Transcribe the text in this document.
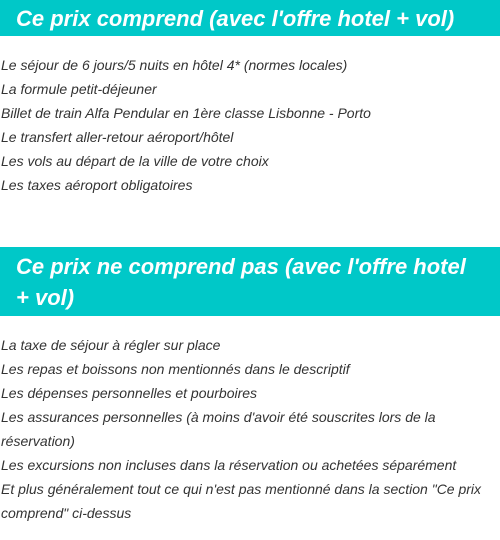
Ce prix comprend (avec l'offre hotel + vol)
Le séjour de 6 jours/5 nuits en hôtel 4* (normes locales)
La formule petit-déjeuner
Billet de train Alfa Pendular en 1ère classe Lisbonne - Porto
Le transfert aller-retour aéroport/hôtel
Les vols au départ de la ville de votre choix
Les taxes aéroport obligatoires
Ce prix ne comprend pas (avec l'offre hotel + vol)
La taxe de séjour à régler sur place
Les repas et boissons non mentionnés dans le descriptif
Les dépenses personnelles et pourboires
Les assurances personnelles (à moins d'avoir été souscrites lors de la réservation)
Les excursions non incluses dans la réservation ou achetées séparément
Et plus généralement tout ce qui n'est pas mentionné dans la section "Ce prix comprend" ci-dessus
